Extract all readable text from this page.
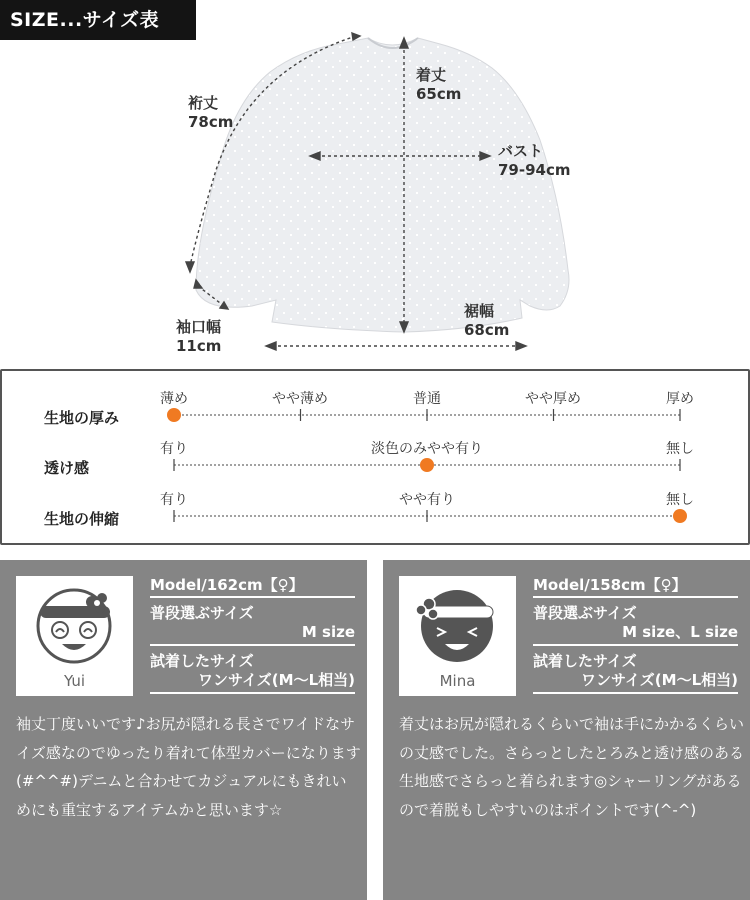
SIZE...サイズ表
裄丈
78cm
着丈
65cm
バスト
79-94cm
袖口幅
11cm
裾幅
68cm
生地の厚み
薄め	やや薄め	普通	やや厚め	厚め
透け感
有り	淡色のみやや有り	無し
生地の伸縮
有り	やや有り	無し
Yui
Model/162cm【♀】
普段選ぶサイズ
M size
試着したサイズ
ワンサイズ(M〜L相当)
袖丈丁度いいです♪お尻が隠れる長さでワイドなサイズ感なのでゆったり着れて体型カバーになります(#^^#)デニムと合わせてカジュアルにもきれいめにも重宝するアイテムかと思います☆
Mina
Model/158cm【♀】
普段選ぶサイズ
M size、L size
試着したサイズ
ワンサイズ(M〜L相当)
着丈はお尻が隠れるくらいで袖は手にかかるくらいの丈感でした。さらっとしたとろみと透け感のある生地感でさらっと着られます◎シャーリングがあるので着脱もしやすいのはポイントです(^-^)
